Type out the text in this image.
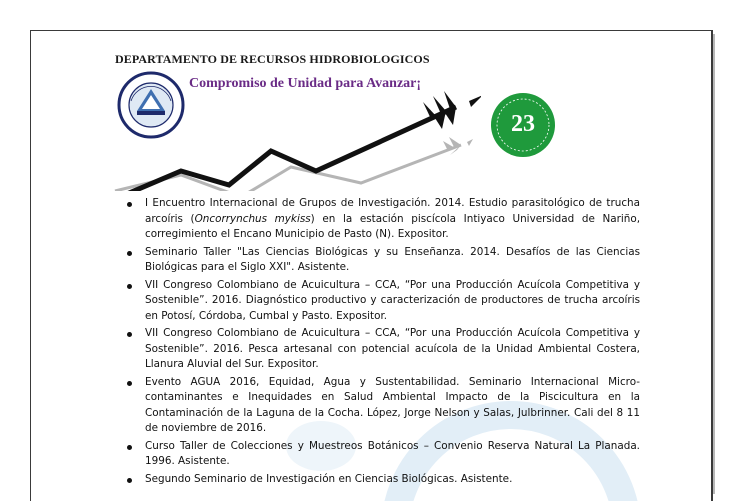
DEPARTAMENTO DE RECURSOS HIDROBIOLOGICOS
Compromiso de Unidad para Avanzar¡
23
I Encuentro Internacional de Grupos de Investigación. 2014. Estudio parasitológico de trucha arcoíris (Oncorrynchus mykiss) en la estación piscícola Intiyaco Universidad de Nariño, corregimiento el Encano Municipio de Pasto (N). Expositor.
Seminario Taller "Las Ciencias Biológicas y su Enseñanza. 2014. Desafíos de las Ciencias Biológicas para el Siglo XXI". Asistente.
VII Congreso Colombiano de Acuicultura – CCA, “Por una Producción Acuícola Competitiva y Sostenible”. 2016. Diagnóstico productivo y caracterización de productores de trucha arcoíris en Potosí, Córdoba, Cumbal y Pasto. Expositor.
VII Congreso Colombiano de Acuicultura – CCA, “Por una Producción Acuícola Competitiva y Sostenible”. 2016. Pesca artesanal con potencial acuícola de la Unidad Ambiental Costera, Llanura Aluvial del Sur. Expositor.
Evento AGUA 2016, Equidad, Agua y Sustentabilidad. Seminario Internacional Micro-contaminantes e Inequidades en Salud Ambiental Impacto de la Piscicultura en la Contaminación de la Laguna de la Cocha. López, Jorge Nelson y Salas, Julbrinner. Cali del 8 11 de noviembre de 2016.
Curso Taller de Colecciones y Muestreos Botánicos – Convenio Reserva Natural La Planada. 1996. Asistente.
Segundo Seminario de Investigación en Ciencias Biológicas. Asistente.
